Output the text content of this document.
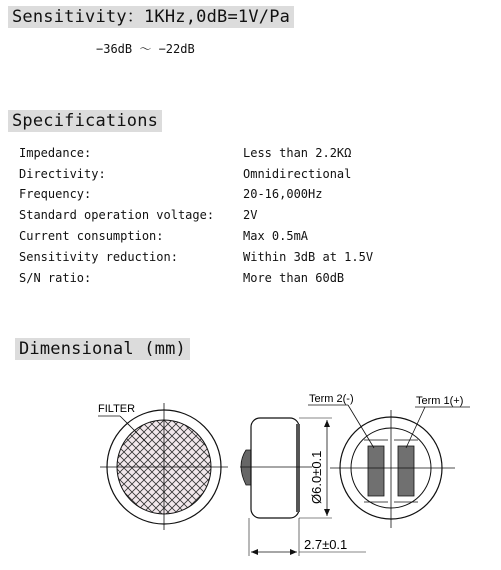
Sensitivity：1KHz,0dB=1V/Pa
−36dB ～ −22dB
Specifications
Impedance:	Less than 2.2KΩ
Directivity:	Omnidirectional
Frequency:	20-16,000Hz
Standard operation voltage: 2V
Current consumption:	Max 0.5mA
Sensitivity reduction:	Within 3dB at 1.5V
S/N ratio:	More than 60dB
Dimensional (mm)
FILTER
Ø6.0±0.1
2.7±0.1
Term 2(-)	Term 1(+)
